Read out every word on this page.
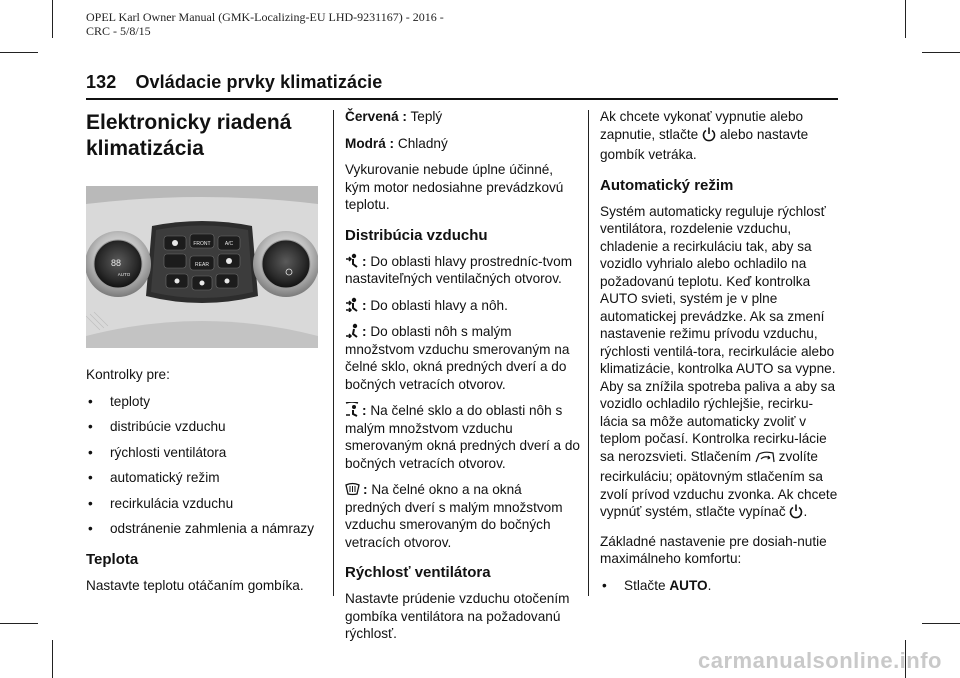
OPEL Karl Owner Manual (GMK-Localizing-EU LHD-9231167) - 2016 -
CRC - 5/8/15
132 Ovládacie prvky klimatizácie
Elektronicky riadená
klimatizácia
FRONT	A/C
REAR
88
AUTO

Kontrolky pre:

• teploty
• distribúcie vzduchu
• rýchlosti ventilátora
• automatický režim
• recirkulácia vzduchu
• odstránenie zahmlenia a námrazy
Teplota

Nastavte teplotu otáčaním gombíka.

Červená : Teplý

Modrá : Chladný

Vykurovanie nebude úplne účinné, kým motor nedosiahne prevádzkovú teplotu.

Distribúcia vzduchu

: Do oblasti hlavy prostredníc-tvom nastaviteľných ventilačných otvorov.

: Do oblasti hlavy a nôh.

: Do oblasti nôh s malým množstvom vzduchu smerovaným na čelné sklo, okná predných dverí a do bočných vetracích otvorov.

: Na čelné sklo a do oblasti nôh s malým množstvom vzduchu smerovaným okná predných dverí a do bočných vetracích otvorov.

: Na čelné okno a na okná predných dverí s malým množstvom vzduchu smerovaným do bočných vetracích otvorov.

Rýchlosť ventilátora

Nastavte prúdenie vzduchu otočením gombíka ventilátora na požadovanú rýchlosť.

Ak chcete vykonať vypnutie alebo zapnutie, stlačte alebo nastavte gombík vetráka.

Automatický režim

Systém automaticky reguluje rýchlosť ventilátora, rozdelenie vzduchu, chladenie a recirkuláciu tak, aby sa vozidlo vyhrialo alebo ochladilo na požadovanú teplotu. Keď kontrolka AUTO svieti, systém je v plne automatickej prevádzke. Ak sa zmení nastavenie režimu prívodu vzduchu, rýchlosti ventilá-tora, recirkulácie alebo klimatizácie, kontrolka AUTO sa vypne. Aby sa znížila spotreba paliva a aby sa vozidlo ochladilo rýchlejšie, recirku-lácia sa môže automaticky zvoliť v teplom počasí. Kontrolka recirku-lácie sa nerozsvieti. Stlačením zvolíte recirkuláciu; opätovným stlačením sa zvolí prívod vzduchu zvonka. Ak chcete vypnúť systém, stlačte vypínač .

Základné nastavenie pre dosiah-nutie maximálneho komfortu:

• Stlačte AUTO.
carmanualsonline.info
